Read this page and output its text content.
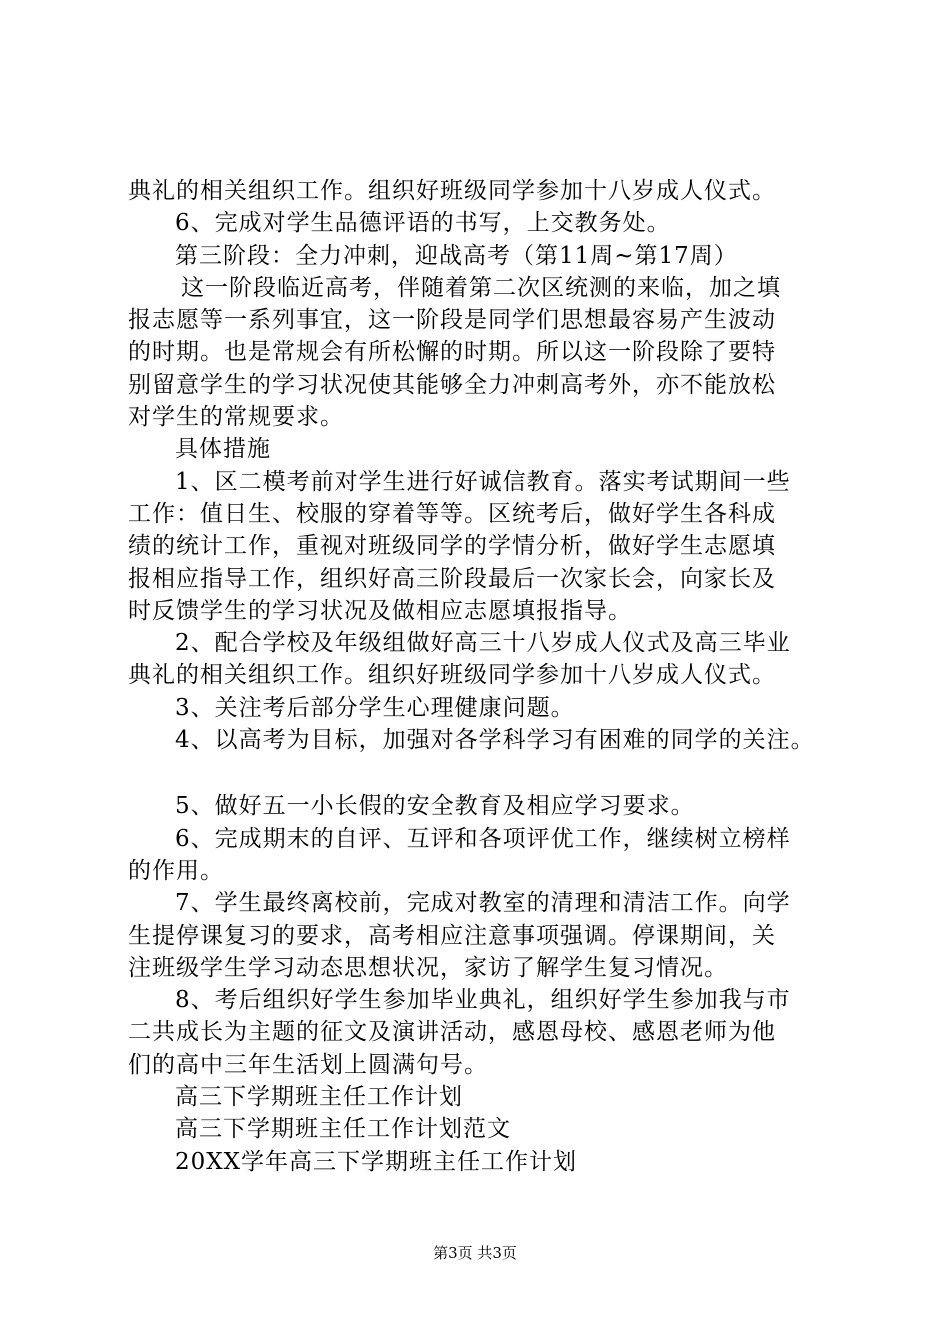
典礼的相关组织工作。组织好班级同学参加十八岁成人仪式。
6、完成对学生品德评语的书写，上交教务处。
第三阶段：全力冲刺，迎战高考（第11周~第17周）
这一阶段临近高考，伴随着第二次区统测的来临，加之填
报志愿等一系列事宜，这一阶段是同学们思想最容易产生波动
的时期。也是常规会有所松懈的时期。所以这一阶段除了要特
别留意学生的学习状况使其能够全力冲刺高考外，亦不能放松
对学生的常规要求。
具体措施
1、区二模考前对学生进行好诚信教育。落实考试期间一些
工作：值日生、校服的穿着等等。区统考后，做好学生各科成
绩的统计工作，重视对班级同学的学情分析，做好学生志愿填
报相应指导工作，组织好高三阶段最后一次家长会，向家长及
时反馈学生的学习状况及做相应志愿填报指导。
2、配合学校及年级组做好高三十八岁成人仪式及高三毕业
典礼的相关组织工作。组织好班级同学参加十八岁成人仪式。
3、关注考后部分学生心理健康问题。
4、以高考为目标，加强对各学科学习有困难的同学的关注。
5、做好五一小长假的安全教育及相应学习要求。
6、完成期末的自评、互评和各项评优工作，继续树立榜样
的作用。
7、学生最终离校前，完成对教室的清理和清洁工作。向学
生提停课复习的要求，高考相应注意事项强调。停课期间，关
注班级学生学习动态思想状况，家访了解学生复习情况。
8、考后组织好学生参加毕业典礼，组织好学生参加我与市
二共成长为主题的征文及演讲活动，感恩母校、感恩老师为他
们的高中三年生活划上圆满句号。
高三下学期班主任工作计划
高三下学期班主任工作计划范文
20XX学年高三下学期班主任工作计划
第3页 共3页
